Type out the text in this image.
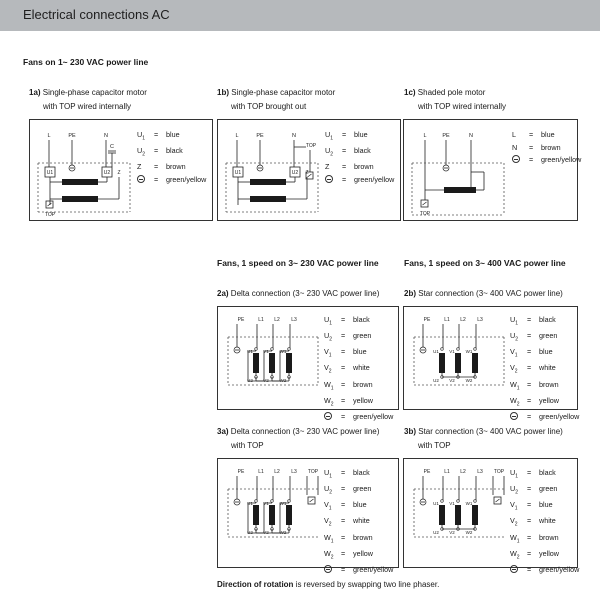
Electrical connections AC
Fans on 1~ 230 VAC power line
Fans, 1 speed on 3~ 230 VAC power line	Fans, 1 speed on 3~ 400 VAC power line
1a) Single-phase capacitor motor
with TOP wired internally
1b) Single-phase capacitor motor
with TOP brought out
1c) Shaded pole motor
with TOP wired internally
2a) Delta connection (3~ 230 VAC power line)	2b) Star connection (3~ 400 VAC power line)
3a) Delta connection (3~ 230 VAC power line)
with TOP
3b) Star connection (3~ 400 VAC power line)
with TOP
L	PE	N
C
U1	U2 Z
TOP
$U_1$	=	blue
$U_2$	=	black
Z	=	brown
=	green/yellow
L	PE	N
TOP
U1	U2 Z
$U_1$	=	blue
$U_2$	=	black
Z	=	brown
=	green/yellow
L	PE	N
TOP
L	=	blue
N	=	brown
=	green/yellow
PE	L1 L2 L3
U1
U2
V1
V2
W1
W2
$U_1$	=	black
$U_2$	=	green
$V_1$	=	blue
$V_2$	=	white
$W_1$	=	brown
$W_2$	=	yellow
=	green/yellow
PE	L1 L2 L3
U1
U2
V1
V2
W1
W2
$U_1$	=	black
$U_2$	=	green
$V_1$	=	blue
$V_2$	=	white
$W_1$	=	brown
$W_2$	=	yellow
=	green/yellow
PE	L1 L2 L3 TOP
U1
U2
V1
V2
W1
W2
$U_1$	=	black
$U_2$	=	green
$V_1$	=	blue
$V_2$	=	white
$W_1$	=	brown
$W_2$	=	yellow
=	green/yellow
PE	L1 L2 L3 TOP
U1
U2
V1
V2
W1
W2
$U_1$	=	black
$U_2$	=	green
$V_1$	=	blue
$V_2$	=	white
$W_1$	=	brown
$W_2$	=	yellow
=	green/yellow
Direction of rotation is reversed by swapping two line phaser.
